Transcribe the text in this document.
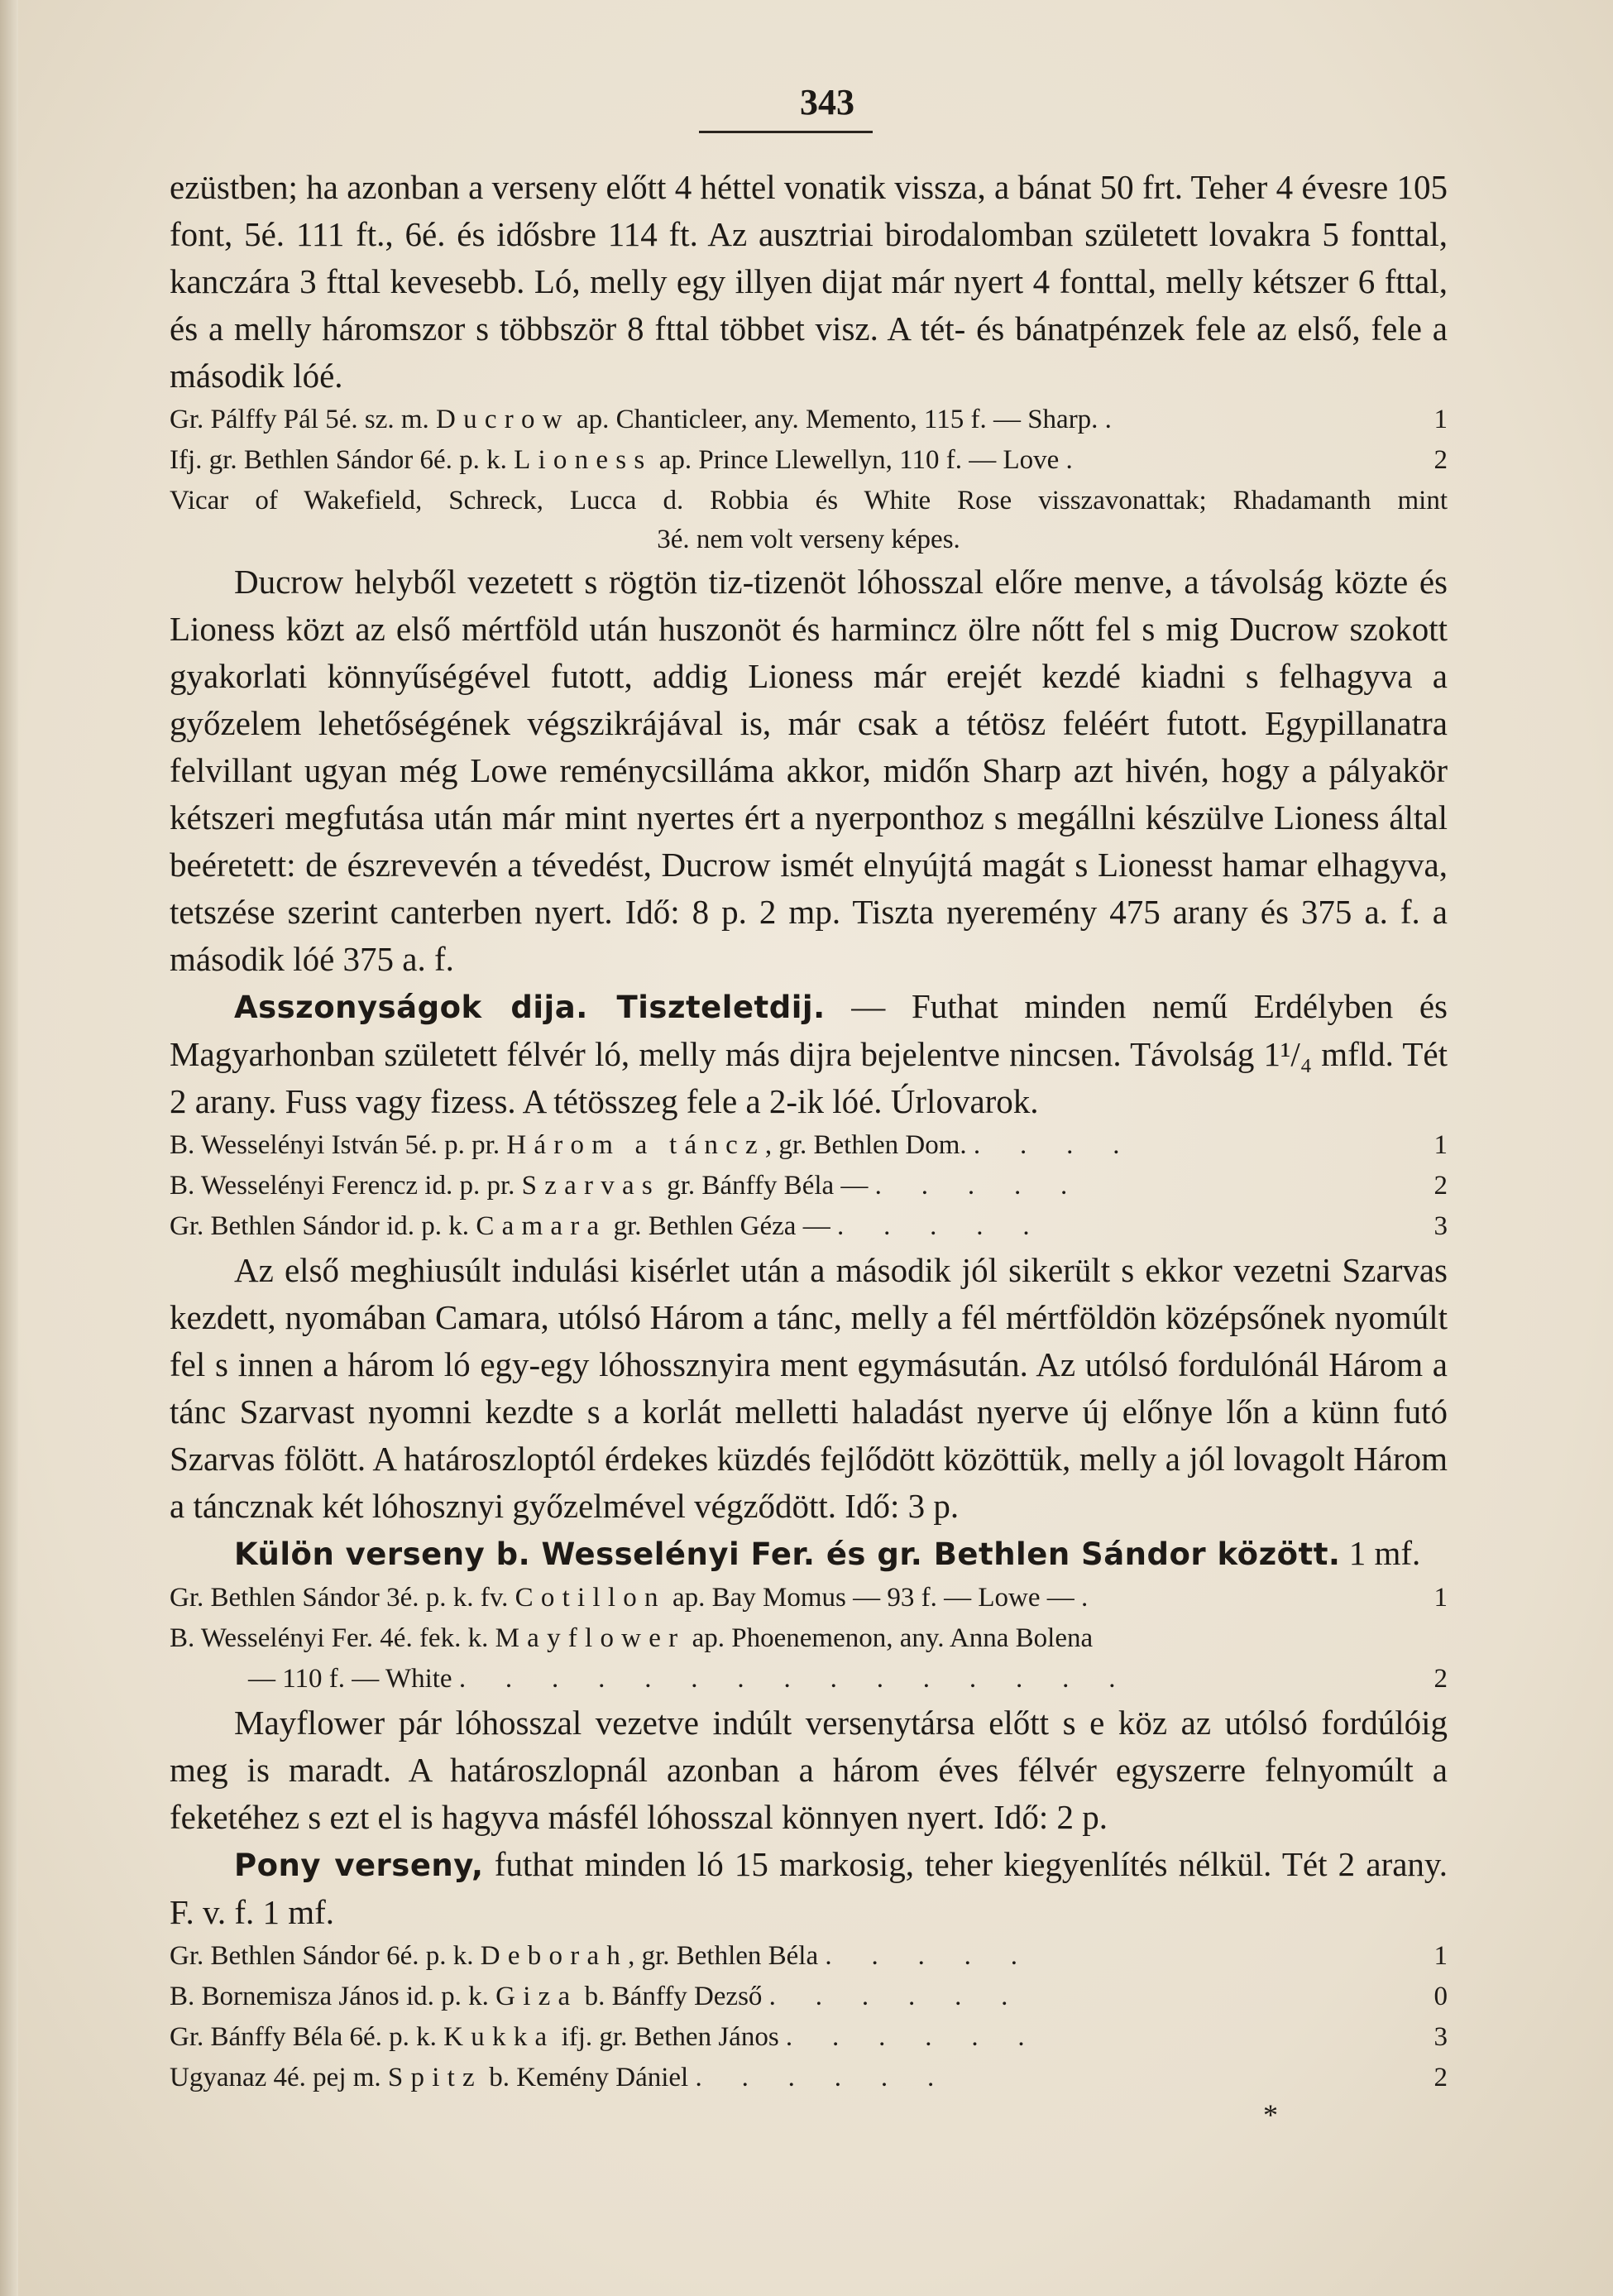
343

ezüstben; ha azonban a verseny előtt 4 héttel vonatik vissza, a bánat 50 frt. Teher 4 évesre 105 font, 5é. 111 ft., 6é. és idősbre 114 ft. Az ausztriai birodalomban született lovakra 5 fonttal, kanczára 3 fttal kevesebb. Ló, melly egy illyen dijat már nyert 4 fonttal, melly kétszer 6 fttal, és a melly háromszor s többször 8 fttal többet visz. A tét- és bánatpénzek fele az első, fele a második lóé.

Gr. Pálffy Pál 5é. sz. m. Ducrow ap. Chanticleer, any. Memento, 115 f. — Sharp. .	1
Ifj. gr. Bethlen Sándor 6é. p. k. Lioness ap. Prince Llewellyn, 110 f. — Love .	2
Vicar of Wakefield, Schreck, Lucca d. Robbia és White Rose visszavonattak; Rhadamanth mint
3é. nem volt verseny képes.

Ducrow helyből vezetett s rögtön tiz-tizenöt lóhosszal előre menve, a távolság közte és Lioness közt az első mértföld után huszonöt és harmincz ölre nőtt fel s mig Ducrow szokott gyakorlati könnyűségével futott, addig Lioness már erejét kezdé kiadni s felhagyva a győzelem lehetőségének végszikrájával is, már csak a tétösz feléért futott. Egypillanatra felvillant ugyan még Lowe reménycsilláma akkor, midőn Sharp azt hivén, hogy a pályakör kétszeri megfutása után már mint nyertes ért a nyerponthoz s megállni készülve Lioness által beéretett: de észrevevén a tévedést, Ducrow ismét elnyújtá magát s Lionesst hamar elhagyva, tetszése szerint canterben nyert. Idő: 8 p. 2 mp. Tiszta nyeremény 475 arany és 375 a. f. a második lóé 375 a. f.

Asszonyságok dija. Tiszteletdij. — Futhat minden nemű Erdélyben és Magyarhonban született félvér ló, melly más dijra bejelentve nincsen. Távolság 1¹/₄ mfld. Tét 2 arany. Fuss vagy fizess. A tétösszeg fele a 2-ik lóé. Úrlovarok.

B. Wesselényi István 5é. p. pr. Három a táncz, gr. Bethlen Dom. . . . .	1
B. Wesselényi Ferencz id. p. pr. Szarvas gr. Bánffy Béla — . . . . .	2
Gr. Bethlen Sándor id. p. k. Camara gr. Bethlen Géza — . . . . .	3

Az első meghiusúlt indulási kisérlet után a második jól sikerült s ekkor vezetni Szarvas kezdett, nyomában Camara, utólsó Három a tánc, melly a fél mértföldön középsőnek nyomúlt fel s innen a három ló egy-egy lóhossznyira ment egymásután. Az utólsó fordulónál Három a tánc Szarvast nyomni kezdte s a korlát melletti haladást nyerve új előnye lőn a künn futó Szarvas fölött. A határoszloptól érdekes küzdés fejlődött közöttük, melly a jól lovagolt Három a tánсznak két lóhosznyi győzelmével végződött. Idő: 3 p.

Külön verseny b. Wesselényi Fer. és gr. Bethlen Sándor között. 1 mf.

Gr. Bethlen Sándor 3é. p. k. fv. Cotillon ap. Bay Momus — 93 f. — Lowe — .	1
B. Wesselényi Fer. 4é. fek. k. Mayflower ap. Phoenemenon, any. Anna Bolena
— 110 f. — White . . . . . . . . . . . . . . .	2

Mayflower pár lóhosszal vezetve indúlt versenytársa előtt s e köz az utólsó fordúlóig meg is maradt. A határoszlopnál azonban a három éves félvér egyszerre felnyomúlt a feketéhez s ezt el is hagyva másfél lóhosszal könnyen nyert. Idő: 2 p.

Pony verseny, futhat minden ló 15 markosig, teher kiegyenlítés nélkül. Tét 2 arany. F. v. f. 1 mf.

Gr. Bethlen Sándor 6é. p. k. Deborah, gr. Bethlen Béla . . . . .	1
B. Bornemisza János id. p. k. Giza b. Bánffy Dezső . . . . . .	0
Gr. Bánffy Béla 6é. p. k. Kukka ifj. gr. Bethen János . . . . . .	3
Ugyanaz 4é. pej m. Spitz b. Kemény Dániel . . . . . .	2
*
